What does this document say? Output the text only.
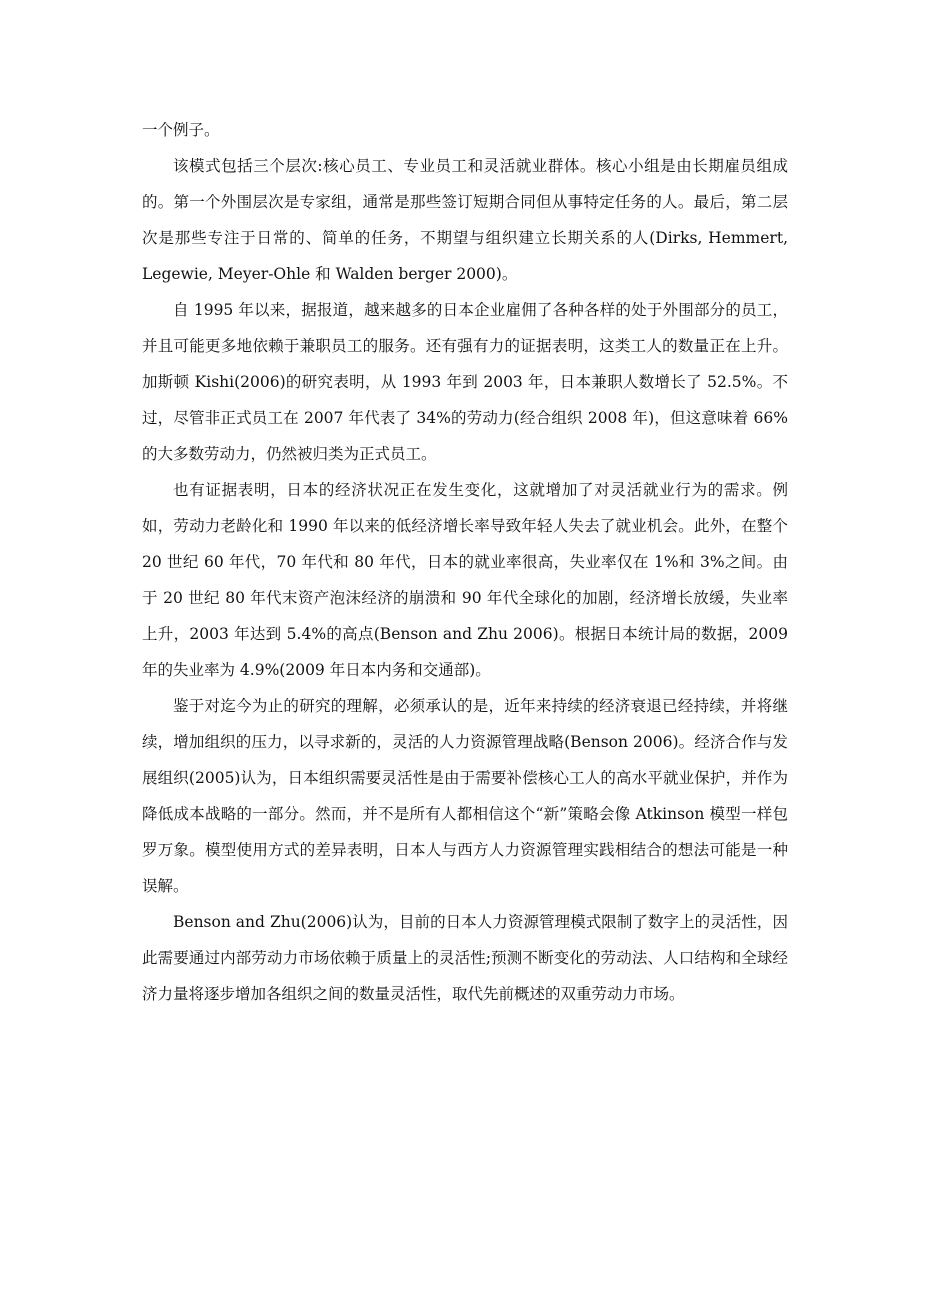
一个例子。

该模式包括三个层次:核心员工、专业员工和灵活就业群体。核心小组是由长期雇员组成的。第一个外围层次是专家组，通常是那些签订短期合同但从事特定任务的人。最后，第二层次是那些专注于日常的、简单的任务，不期望与组织建立长期关系的人(Dirks, Hemmert, Legewie, Meyer-Ohle 和 Walden berger 2000)。

自 1995 年以来，据报道，越来越多的日本企业雇佣了各种各样的处于外围部分的员工，并且可能更多地依赖于兼职员工的服务。还有强有力的证据表明，这类工人的数量正在上升。加斯顿 Kishi(2006)的研究表明，从 1993 年到 2003 年，日本兼职人数增长了 52.5%。不过，尽管非正式员工在 2007 年代表了 34%的劳动力(经合组织 2008 年)，但这意味着 66%的大多数劳动力，仍然被归类为正式员工。

也有证据表明，日本的经济状况正在发生变化，这就增加了对灵活就业行为的需求。例如，劳动力老龄化和 1990 年以来的低经济增长率导致年轻人失去了就业机会。此外，在整个 20 世纪 60 年代，70 年代和 80 年代，日本的就业率很高，失业率仅在 1%和 3%之间。由于 20 世纪 80 年代末资产泡沫经济的崩溃和 90 年代全球化的加剧，经济增长放缓，失业率上升，2003 年达到 5.4%的高点(Benson and Zhu 2006)。根据日本统计局的数据，2009 年的失业率为 4.9%(2009 年日本内务和交通部)。

鉴于对迄今为止的研究的理解，必须承认的是，近年来持续的经济衰退已经持续，并将继续，增加组织的压力，以寻求新的，灵活的人力资源管理战略(Benson 2006)。经济合作与发展组织(2005)认为，日本组织需要灵活性是由于需要补偿核心工人的高水平就业保护，并作为降低成本战略的一部分。然而，并不是所有人都相信这个“新”策略会像 Atkinson 模型一样包罗万象。模型使用方式的差异表明，日本人与西方人力资源管理实践相结合的想法可能是一种误解。

Benson and Zhu(2006)认为，目前的日本人力资源管理模式限制了数字上的灵活性，因此需要通过内部劳动力市场依赖于质量上的灵活性;预测不断变化的劳动法、人口结构和全球经济力量将逐步增加各组织之间的数量灵活性，取代先前概述的双重劳动力市场。
